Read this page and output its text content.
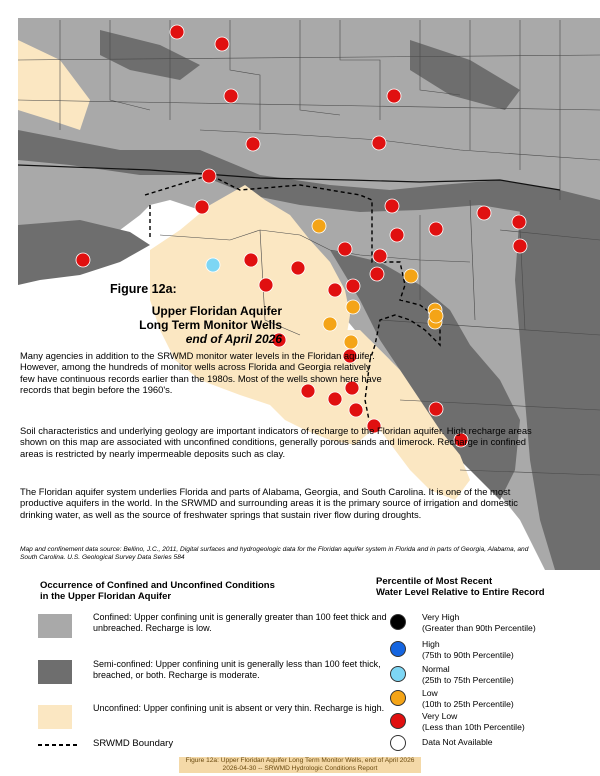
Figure 12a:
Upper Floridan Aquifer
Long Term Monitor Wells
end of April 2026
Many agencies in addition to the SRWMD monitor water levels in the Floridan aquifer. However, among the hundreds of monitor wells across Florida and Georgia relatively few have continuous records earlier than the 1980s. Most of the wells shown here have records that begin before the 1960's.
Soil characteristics and underlying geology are important indicators of recharge to the Floridan aquifer. High recharge areas shown on this map are associated with unconfined conditions, generally porous sands and limerock. Recharge in confined areas is restricted by nearly impermeable deposits such as clay.
The Floridan aquifer system underlies Florida and parts of Alabama, Georgia, and South Carolina. It is one of the most productive aquifers in the world. In the SRWMD and surrounding areas it is the primary source of irrigation and domestic drinking water, as well as the source of freshwater springs that sustain river flow during droughts.
Map and confinement data source: Bellino, J.C., 2011, Digital surfaces and hydrogeologic data for the Floridan aquifer system in Florida and in parts of Georgia, Alabama, and South Carolina. U.S. Geological Survey Data Series 584
Occurrence of Confined and Unconfined Conditions
in the Upper Floridan Aquifer
Confined: Upper confining unit is generally greater than 100 feet thick and unbreached. Recharge is low.
Semi-confined: Upper confining unit is generally less than 100 feet thick, breached, or both. Recharge is moderate.
Unconfined: Upper confining unit is absent or very thin. Recharge is high.
SRWMD Boundary
Percentile of Most Recent
Water Level Relative to Entire Record
Very High
(Greater than 90th Percentile)
High
(75th to 90th Percentile)
Normal
(25th to 75th Percentile)
Low
(10th to 25th Percentile)
Very Low
(Less than 10th Percentile)
Data Not Available
Figure 12a: Upper Floridan Aquifer Long Term Monitor Wells, end of April 2026
2026-04-30 -- SRWMD Hydrologic Conditions Report
